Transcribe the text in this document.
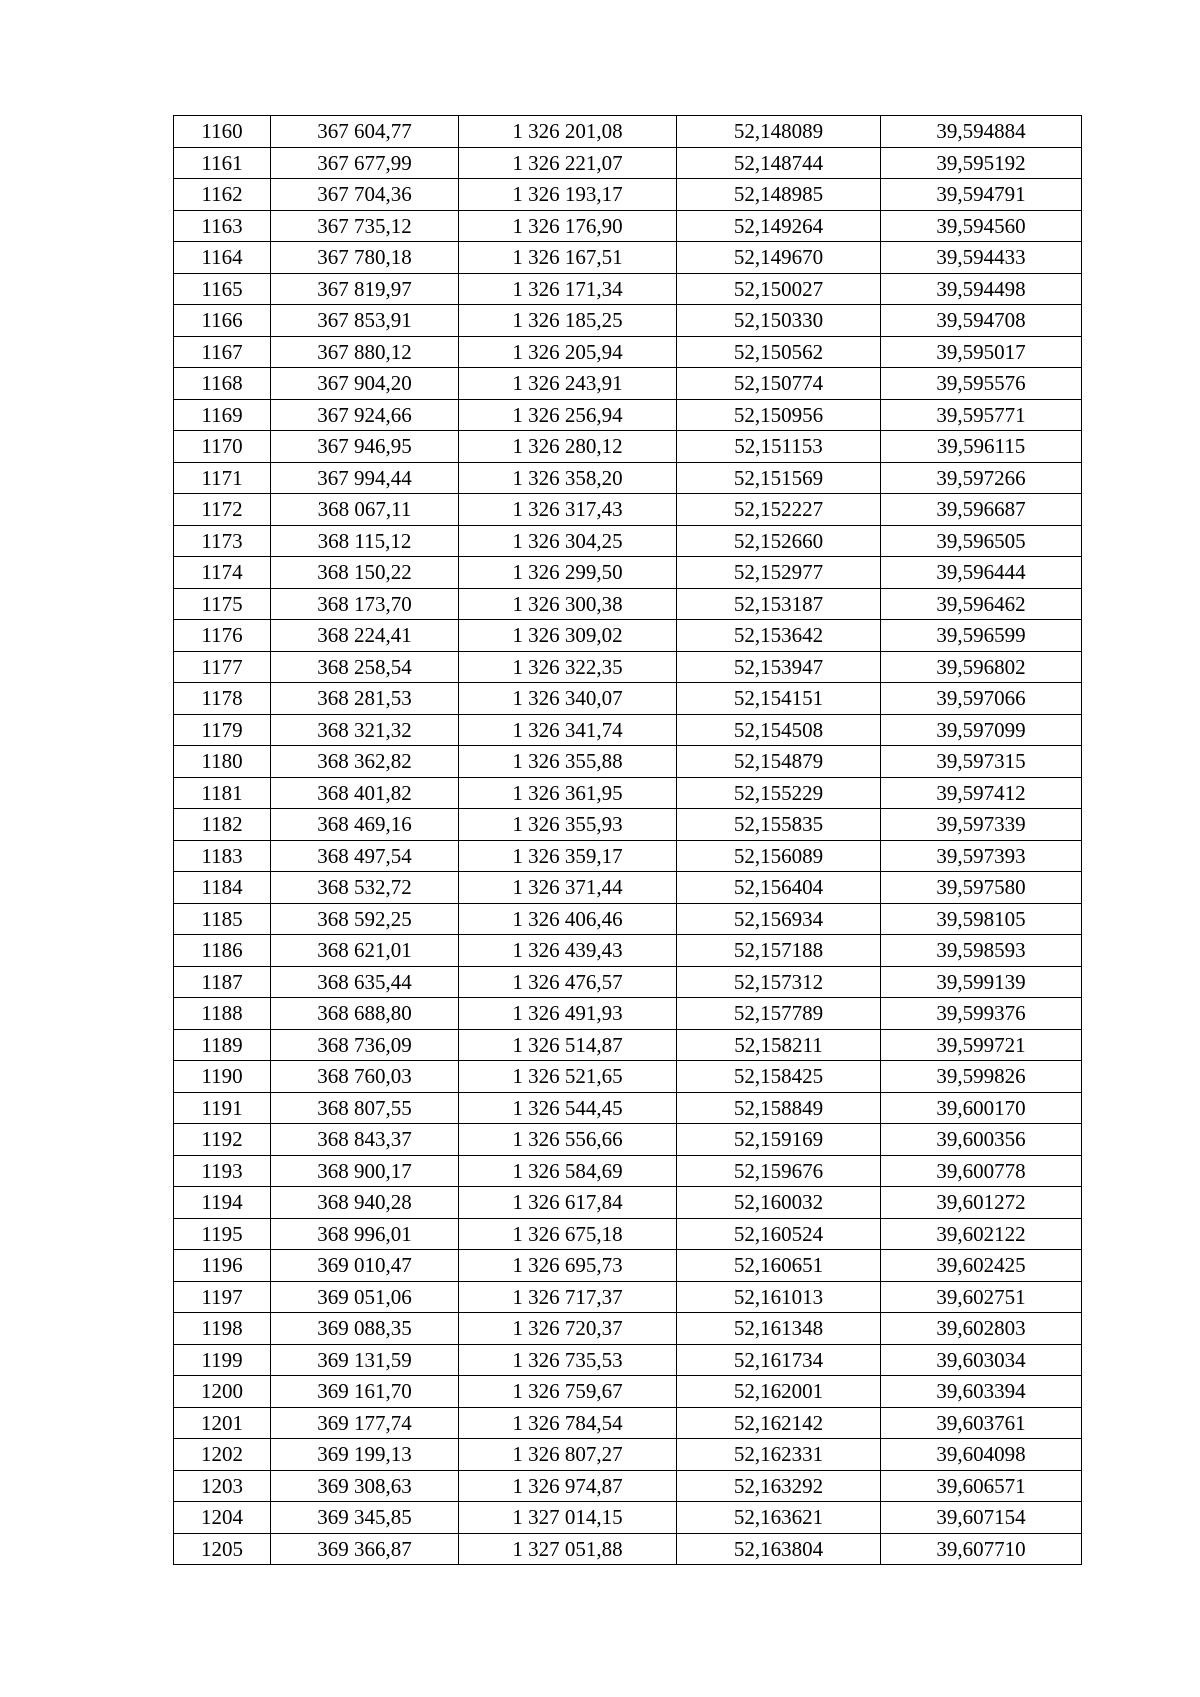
1160	367 604,77	1 326 201,08	52,148089	39,594884
1161	367 677,99	1 326 221,07	52,148744	39,595192
1162	367 704,36	1 326 193,17	52,148985	39,594791
1163	367 735,12	1 326 176,90	52,149264	39,594560
1164	367 780,18	1 326 167,51	52,149670	39,594433
1165	367 819,97	1 326 171,34	52,150027	39,594498
1166	367 853,91	1 326 185,25	52,150330	39,594708
1167	367 880,12	1 326 205,94	52,150562	39,595017
1168	367 904,20	1 326 243,91	52,150774	39,595576
1169	367 924,66	1 326 256,94	52,150956	39,595771
1170	367 946,95	1 326 280,12	52,151153	39,596115
1171	367 994,44	1 326 358,20	52,151569	39,597266
1172	368 067,11	1 326 317,43	52,152227	39,596687
1173	368 115,12	1 326 304,25	52,152660	39,596505
1174	368 150,22	1 326 299,50	52,152977	39,596444
1175	368 173,70	1 326 300,38	52,153187	39,596462
1176	368 224,41	1 326 309,02	52,153642	39,596599
1177	368 258,54	1 326 322,35	52,153947	39,596802
1178	368 281,53	1 326 340,07	52,154151	39,597066
1179	368 321,32	1 326 341,74	52,154508	39,597099
1180	368 362,82	1 326 355,88	52,154879	39,597315
1181	368 401,82	1 326 361,95	52,155229	39,597412
1182	368 469,16	1 326 355,93	52,155835	39,597339
1183	368 497,54	1 326 359,17	52,156089	39,597393
1184	368 532,72	1 326 371,44	52,156404	39,597580
1185	368 592,25	1 326 406,46	52,156934	39,598105
1186	368 621,01	1 326 439,43	52,157188	39,598593
1187	368 635,44	1 326 476,57	52,157312	39,599139
1188	368 688,80	1 326 491,93	52,157789	39,599376
1189	368 736,09	1 326 514,87	52,158211	39,599721
1190	368 760,03	1 326 521,65	52,158425	39,599826
1191	368 807,55	1 326 544,45	52,158849	39,600170
1192	368 843,37	1 326 556,66	52,159169	39,600356
1193	368 900,17	1 326 584,69	52,159676	39,600778
1194	368 940,28	1 326 617,84	52,160032	39,601272
1195	368 996,01	1 326 675,18	52,160524	39,602122
1196	369 010,47	1 326 695,73	52,160651	39,602425
1197	369 051,06	1 326 717,37	52,161013	39,602751
1198	369 088,35	1 326 720,37	52,161348	39,602803
1199	369 131,59	1 326 735,53	52,161734	39,603034
1200	369 161,70	1 326 759,67	52,162001	39,603394
1201	369 177,74	1 326 784,54	52,162142	39,603761
1202	369 199,13	1 326 807,27	52,162331	39,604098
1203	369 308,63	1 326 974,87	52,163292	39,606571
1204	369 345,85	1 327 014,15	52,163621	39,607154
1205	369 366,87	1 327 051,88	52,163804	39,607710
